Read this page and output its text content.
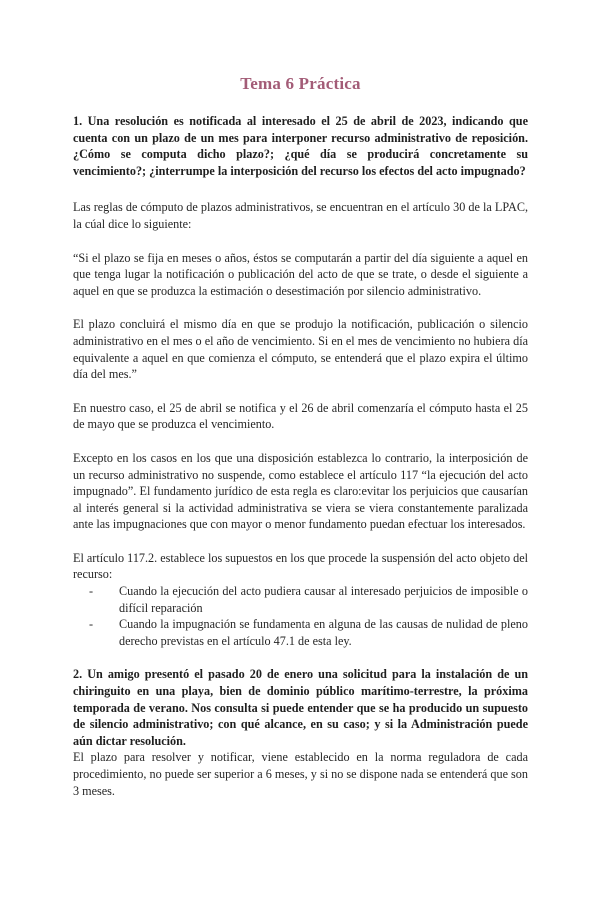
Tema 6 Práctica

1. Una resolución es notificada al interesado el 25 de abril de 2023, indicando que cuenta con un plazo de un mes para interponer recurso administrativo de reposición.¿Cómo se computa dicho plazo?; ¿qué día se producirá concretamente su vencimiento?; ¿interrumpe la interposición del recurso los efectos del acto impugnado?

Las reglas de cómputo de plazos administrativos, se encuentran en el artículo 30 de la LPAC, la cúal dice lo siguiente:

“Si el plazo se fija en meses o años, éstos se computarán a partir del día siguiente a aquel en que tenga lugar la notificación o publicación del acto de que se trate, o desde el siguiente a aquel en que se produzca la estimación o desestimación por silencio administrativo.

El plazo concluirá el mismo día en que se produjo la notificación, publicación o silencio administrativo en el mes o el año de vencimiento. Si en el mes de vencimiento no hubiera día equivalente a aquel en que comienza el cómputo, se entenderá que el plazo expira el último día del mes.”

En nuestro caso, el 25 de abril se notifica y el 26 de abril comenzaría el cómputo hasta el 25 de mayo que se produzca el vencimiento.

Excepto en los casos en los que una disposición establezca lo contrario, la interposición de un recurso administrativo no suspende, como establece el artículo 117 “la ejecución del acto impugnado”. El fundamento jurídico de esta regla es claro:evitar los perjuicios que causarían al interés general si la actividad administrativa se viera se viera constantemente paralizada ante las impugnaciones que con mayor o menor fundamento puedan efectuar los interesados.

El artículo 117.2. establece los supuestos en los que procede la suspensión del acto objeto del recurso:

- Cuando la ejecución del acto pudiera causar al interesado perjuicios de imposible o difícil reparación
- Cuando la impugnación se fundamenta en alguna de las causas de nulidad de pleno derecho previstas en el artículo 47.1 de esta ley.

2. Un amigo presentó el pasado 20 de enero una solicitud para la instalación de un chiringuito en una playa, bien de dominio público marítimo-terrestre, la próxima temporada de verano. Nos consulta si puede entender que se ha producido un supuesto de silencio administrativo; con qué alcance, en su caso; y si la Administración puede aún dictar resolución.

El plazo para resolver y notificar, viene establecido en la norma reguladora de cada procedimiento, no puede ser superior a 6 meses, y si no se dispone nada se entenderá que son 3 meses.
